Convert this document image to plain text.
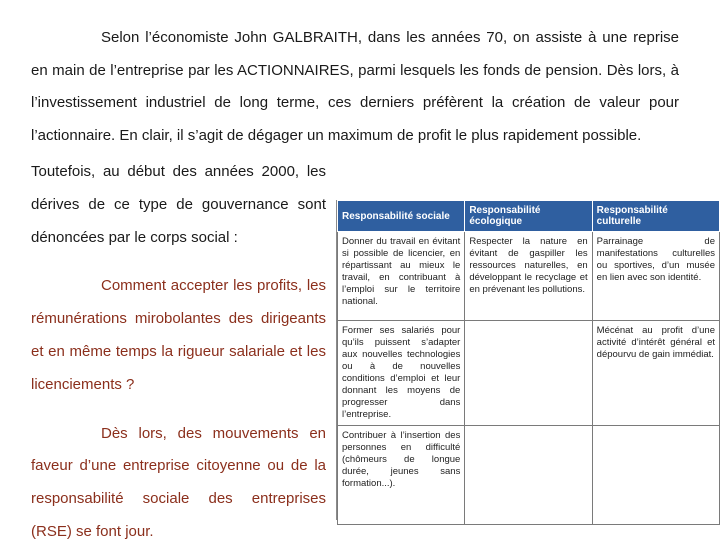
Selon l’économiste John GALBRAITH, dans les années 70, on assiste à une reprise en main de l’entreprise par les ACTIONNAIRES, parmi lesquels les fonds de pension. Dès lors, à l’investissement industriel de long terme, ces derniers préfèrent la création de valeur pour l’actionnaire. En clair, il s’agit de dégager un maximum de profit le plus rapidement possible.

Toutefois, au début des années 2000, les dérives de ce type de gouvernance sont dénoncées par le corps social :

Comment accepter les profits, les rémunérations mirobolantes des dirigeants et en même temps la rigueur salariale et les licenciements ?

Dès lors, des mouvements en faveur d’une entreprise citoyenne ou de la responsabilité sociale des entreprises (RSE) se font jour.

Responsabilité sociale	Responsabilité écologique	Responsabilité culturelle
Donner du travail en évitant si possible de licencier, en répartissant au mieux le travail, en contribuant à l’emploi sur le territoire national.	Respecter la nature en évitant de gaspiller les ressources naturelles, en développant le recyclage et en prévenant les pollutions.	Parrainage de manifestations culturelles ou sportives, d’un musée en lien avec son identité.
Former ses salariés pour qu’ils puissent s’adapter aux nouvelles technologies ou à de nouvelles conditions d’emploi et leur donnant les moyens de progresser dans l’entreprise.		Mécénat au profit d’une activité d’intérêt général et dépourvu de gain immédiat.
Contribuer à l’insertion des personnes en difficulté (chômeurs de longue durée, jeunes sans formation...).		
